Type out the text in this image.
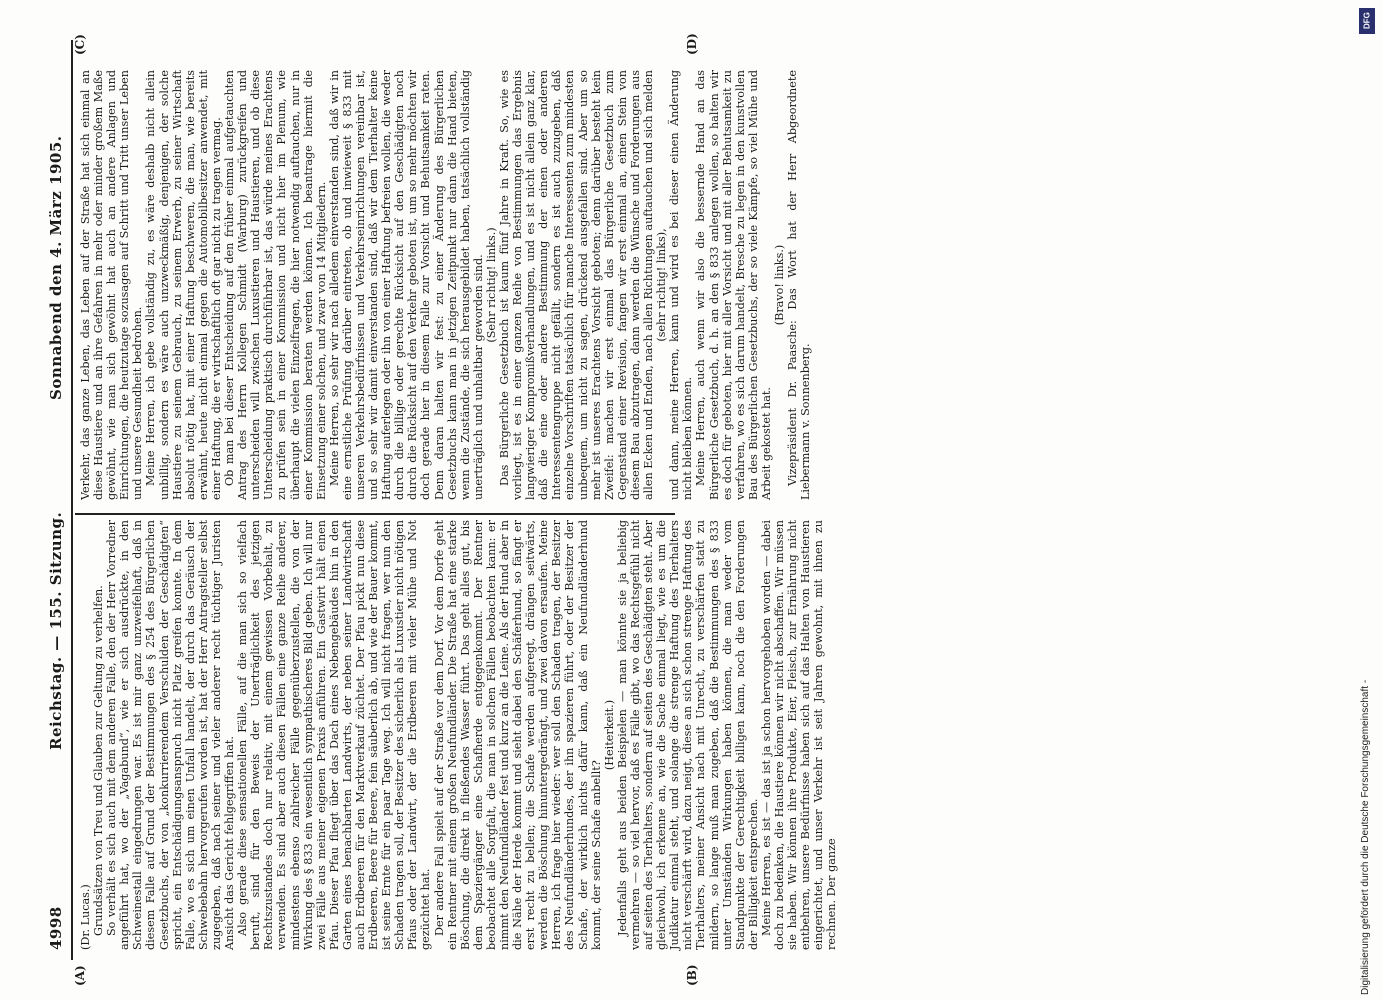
4998
Reichstag. — 155. Sitzung.
Sonnabend den 4. März 1905.
(A)	(B)
(C)	(D)

(Dr. Lucas.) Grundsätzen von Treu und Glauben zur Geltung zu verhelfen. So verhält es sich auch mit dem anderen Falle, den der Herr Vorredner angeführt hat, wo der „Vagabund“, wie er sich ausdrückte, in den Schweinestall eingedrungen war. Es ist mir ganz unzweifelhaft, daß in diesem Falle auf Grund der Bestimmungen des § 254 des Bürgerlichen Gesetzbuchs, der von „konkurrierendem Verschulden der Geschädigten“ spricht, ein Entschädigungsanspruch nicht Platz greifen konnte. In dem Falle, wo es sich um einen Unfall handelt, der durch das Geräusch der Schwebebahn hervorgerufen worden ist, hat der Herr Antragsteller selbst zugegeben, daß nach seiner und vieler anderer recht tüchtiger Juristen Ansicht das Gericht fehlgegriffen hat. Also gerade diese sensationellen Fälle, auf die man sich so vielfach beruft, sind für den Beweis der Unerträglichkeit des jetzigen Rechtszustandes doch nur relativ, mit einem gewissen Vorbehalt, zu verwenden. Es sind aber auch diesen Fällen eine ganze Reihe anderer, mindestens ebenso zahlreicher Fälle gegenüberzustellen, die von der Wirkung des § 833 ein wesentlich sympathischeres Bild geben. Ich will nur zwei Fälle aus meiner eigenen Praxis anführen. Ein Gastwirt hält einen Pfau. Dieser Pfau fliegt über das Dach eines Nebengebäudes hin in den Garten eines benachbarten Landwirts, der neben seiner Landwirtschaft auch Erdbeeren für den Marktverkauf züchtet. Der Pfau pickt nun diese Erdbeeren, Beere für Beere, fein säuberlich ab, und wie der Bauer kommt, ist seine Ernte für ein paar Tage weg. Ich will nicht fragen, wer nun den Schaden tragen soll, der Besitzer des sicherlich als Luxustier nicht nötigen Pfaus oder der Landwirt, der die Erdbeeren mit vieler Mühe und Not gezüchtet hat. Der andere Fall spielt auf der Straße vor dem Dorf. Vor dem Dorfe geht ein Rentner mit einem großen Neufundländer. Die Straße hat eine starke Böschung, die direkt in fließendes Wasser führt. Das geht alles gut, bis dem Spaziergänger eine Schafherde entgegenkommt. Der Rentner beobachtet alle Sorgfalt, die man in solchen Fällen beobachten kann: er nimmt den Neufundländer fest und kurz an die Leine. Als der Hund aber in die Nähe der Herde kommt und sieht dabei den Schäferhund, so fängt er erst recht zu bellen; die Schafe werden aufgeregt, drängen seitwärts, werden die Böschung hinuntergedrängt, und zwei davon ersaufen. Meine Herren, ich frage hier wieder: wer soll den Schaden tragen, der Besitzer des Neufundländerhundes, der ihn spazieren führt, oder der Besitzer der Schafe, der wirklich nichts dafür kann, daß ein Neufundländerhund kommt, der seine Schafe anbellt?

(Heiterkeit.) Jedenfalls geht aus beiden Beispielen — man könnte sie ja beliebig vermehren — so viel hervor, daß es Fälle gibt, wo das Rechtsgefühl nicht auf seiten des Tierhalters, sondern auf seiten des Geschädigten steht. Aber gleichwohl, ich erkenne an, wie die Sache einmal liegt, wie es um die Judikatur einmal steht, und solange die strenge Haftung des Tierhalters nicht verschärft wird, dazu neigt, diese an sich schon strenge Haftung des Tierhalters, meiner Ansicht nach mit Unrecht, zu verschärfen statt zu mildern, so lange muß man zugeben, daß die Bestimmungen des § 833 unter Umständen Wirkungen haben können, die man weder vom Standpunkte der Gerechtigkeit billigen kann, noch die den Forderungen der Billigkeit entsprechen. Meine Herren, es ist — das ist ja schon hervorgehoben worden — dabei doch zu bedenken, die Haustiere können wir nicht abschaffen. Wir müssen sie haben. Wir können ihre Produkte, Eier, Fleisch, zur Ernährung nicht entbehren, unsere Bedürfnisse haben sich auf das Halten von Haustieren eingerichtet, und unser Verkehr ist seit Jahren gewohnt, mit ihnen zu rechnen. Der ganze

Verkehr, das ganze Leben, das Leben auf der Straße hat sich einmal an diese Haustiere und an ihre Gefahren in mehr oder minder großem Maße gewöhnt, wie man sich gewöhnt hat auch an andere Anlagen und Einrichtungen, die heutzutage sozusagen auf Schritt und Tritt unser Leben und unsere Gesundheit bedrohen. Meine Herren, ich gebe vollständig zu, es wäre deshalb nicht allein unbillig, sondern es wäre auch unzweckmäßig, denjenigen, der solche Haustiere zu seinem Gebrauch, zu seinem Erwerb, zu seiner Wirtschaft absolut nötig hat, mit einer Haftung beschweren, die man, wie bereits erwähnt, heute nicht einmal gegen die Automobilbesitzer anwendet, mit einer Haftung, die er wirtschaftlich oft gar nicht zu tragen vermag. Ob man bei dieser Entscheidung auf den früher einmal aufgetauchten Antrag des Herrn Kollegen Schmidt (Warburg) zurückgreifen und unterscheiden will zwischen Luxustieren und Haustieren, und ob diese Unterscheidung praktisch durchführbar ist, das würde meines Erachtens zu prüfen sein in einer Kommission und nicht hier im Plenum, wie überhaupt die vielen Einzelfragen, die hier notwendig auftauchen, nur in einer Kommission beraten werden können. Ich beantrage hiermit die Einsetzung einer solchen, und zwar von 14 Mitgliedern. Meine Herren, so sehr wir nach alledem einverstanden sind, daß wir in eine ernstliche Prüfung darüber eintreten, ob und inwieweit § 833 mit unseren Verkehrsbedürfnissen und Verkehrseinrichtungen vereinbar ist, und so sehr wir damit einverstanden sind, daß wir dem Tierhalter keine Haftung auferlegen oder ihn von einer Haftung befreien wollen, die weder durch die billige oder gerechte Rücksicht auf den Geschädigten noch durch die Rücksicht auf den Verkehr geboten ist, um so mehr möchten wir doch gerade hier in diesem Falle zur Vorsicht und Behutsamkeit raten. Denn daran halten wir fest: zu einer Änderung des Bürgerlichen Gesetzbuchs kann man in jetzigen Zeitpunkt nur dann die Hand bieten, wenn die Zustände, die sich herausgebildet haben, tatsächlich vollständig unerträglich und unhaltbar geworden sind. (Sehr richtig! links.) Das Bürgerliche Gesetzbuch ist kaum fünf Jahre in Kraft. So, wie es vorliegt, ist es in einer ganzen Reihe von Bestimmungen das Ergebnis langwieriger Kompromißverhandlungen, und es ist nicht allein ganz klar, daß die eine oder andere Bestimmung der einen oder anderen Interessentengruppe nicht gefällt, sondern es ist auch zuzugeben, daß einzelne Vorschriften tatsächlich für manche Interessenten zum mindesten unbequem, um nicht zu sagen, drückend ausgefallen sind. Aber um so mehr ist unseres Erachtens Vorsicht geboten; denn darüber besteht kein Zweifel: machen wir erst einmal das Bürgerliche Gesetzbuch zum Gegenstand einer Revision, fangen wir erst einmal an, einen Stein von diesem Bau abzutragen, dann werden die Wünsche und Forderungen aus allen Ecken und Enden, nach allen Richtungen auftauchen und sich melden (sehr richtig! links), und dann, meine Herren, kann und wird es bei dieser einen Änderung nicht bleiben können. Meine Herren, auch wenn wir also die bessernde Hand an das Bürgerliche Gesetzbuch, d. h. an den § 833 anlegen wollen, so halten wir es doch für geboten, hier mit aller Vorsicht und mit aller Behutsamkeit zu verfahren, wo es sich darum handelt, Bresche zu legen in den kunstvollen Bau des Bürgerlichen Gesetzbuchs, der so viele Kämpfe, so viel Mühe und Arbeit gekostet hat.

(Bravo! links.) Vizepräsident Dr. Paasche: Das Wort hat der Herr Abgeordnete Liebermann v. Sonnenberg.

DFG
Digitalisierung gefördert durch die Deutsche Forschungsgemeinschaft -
